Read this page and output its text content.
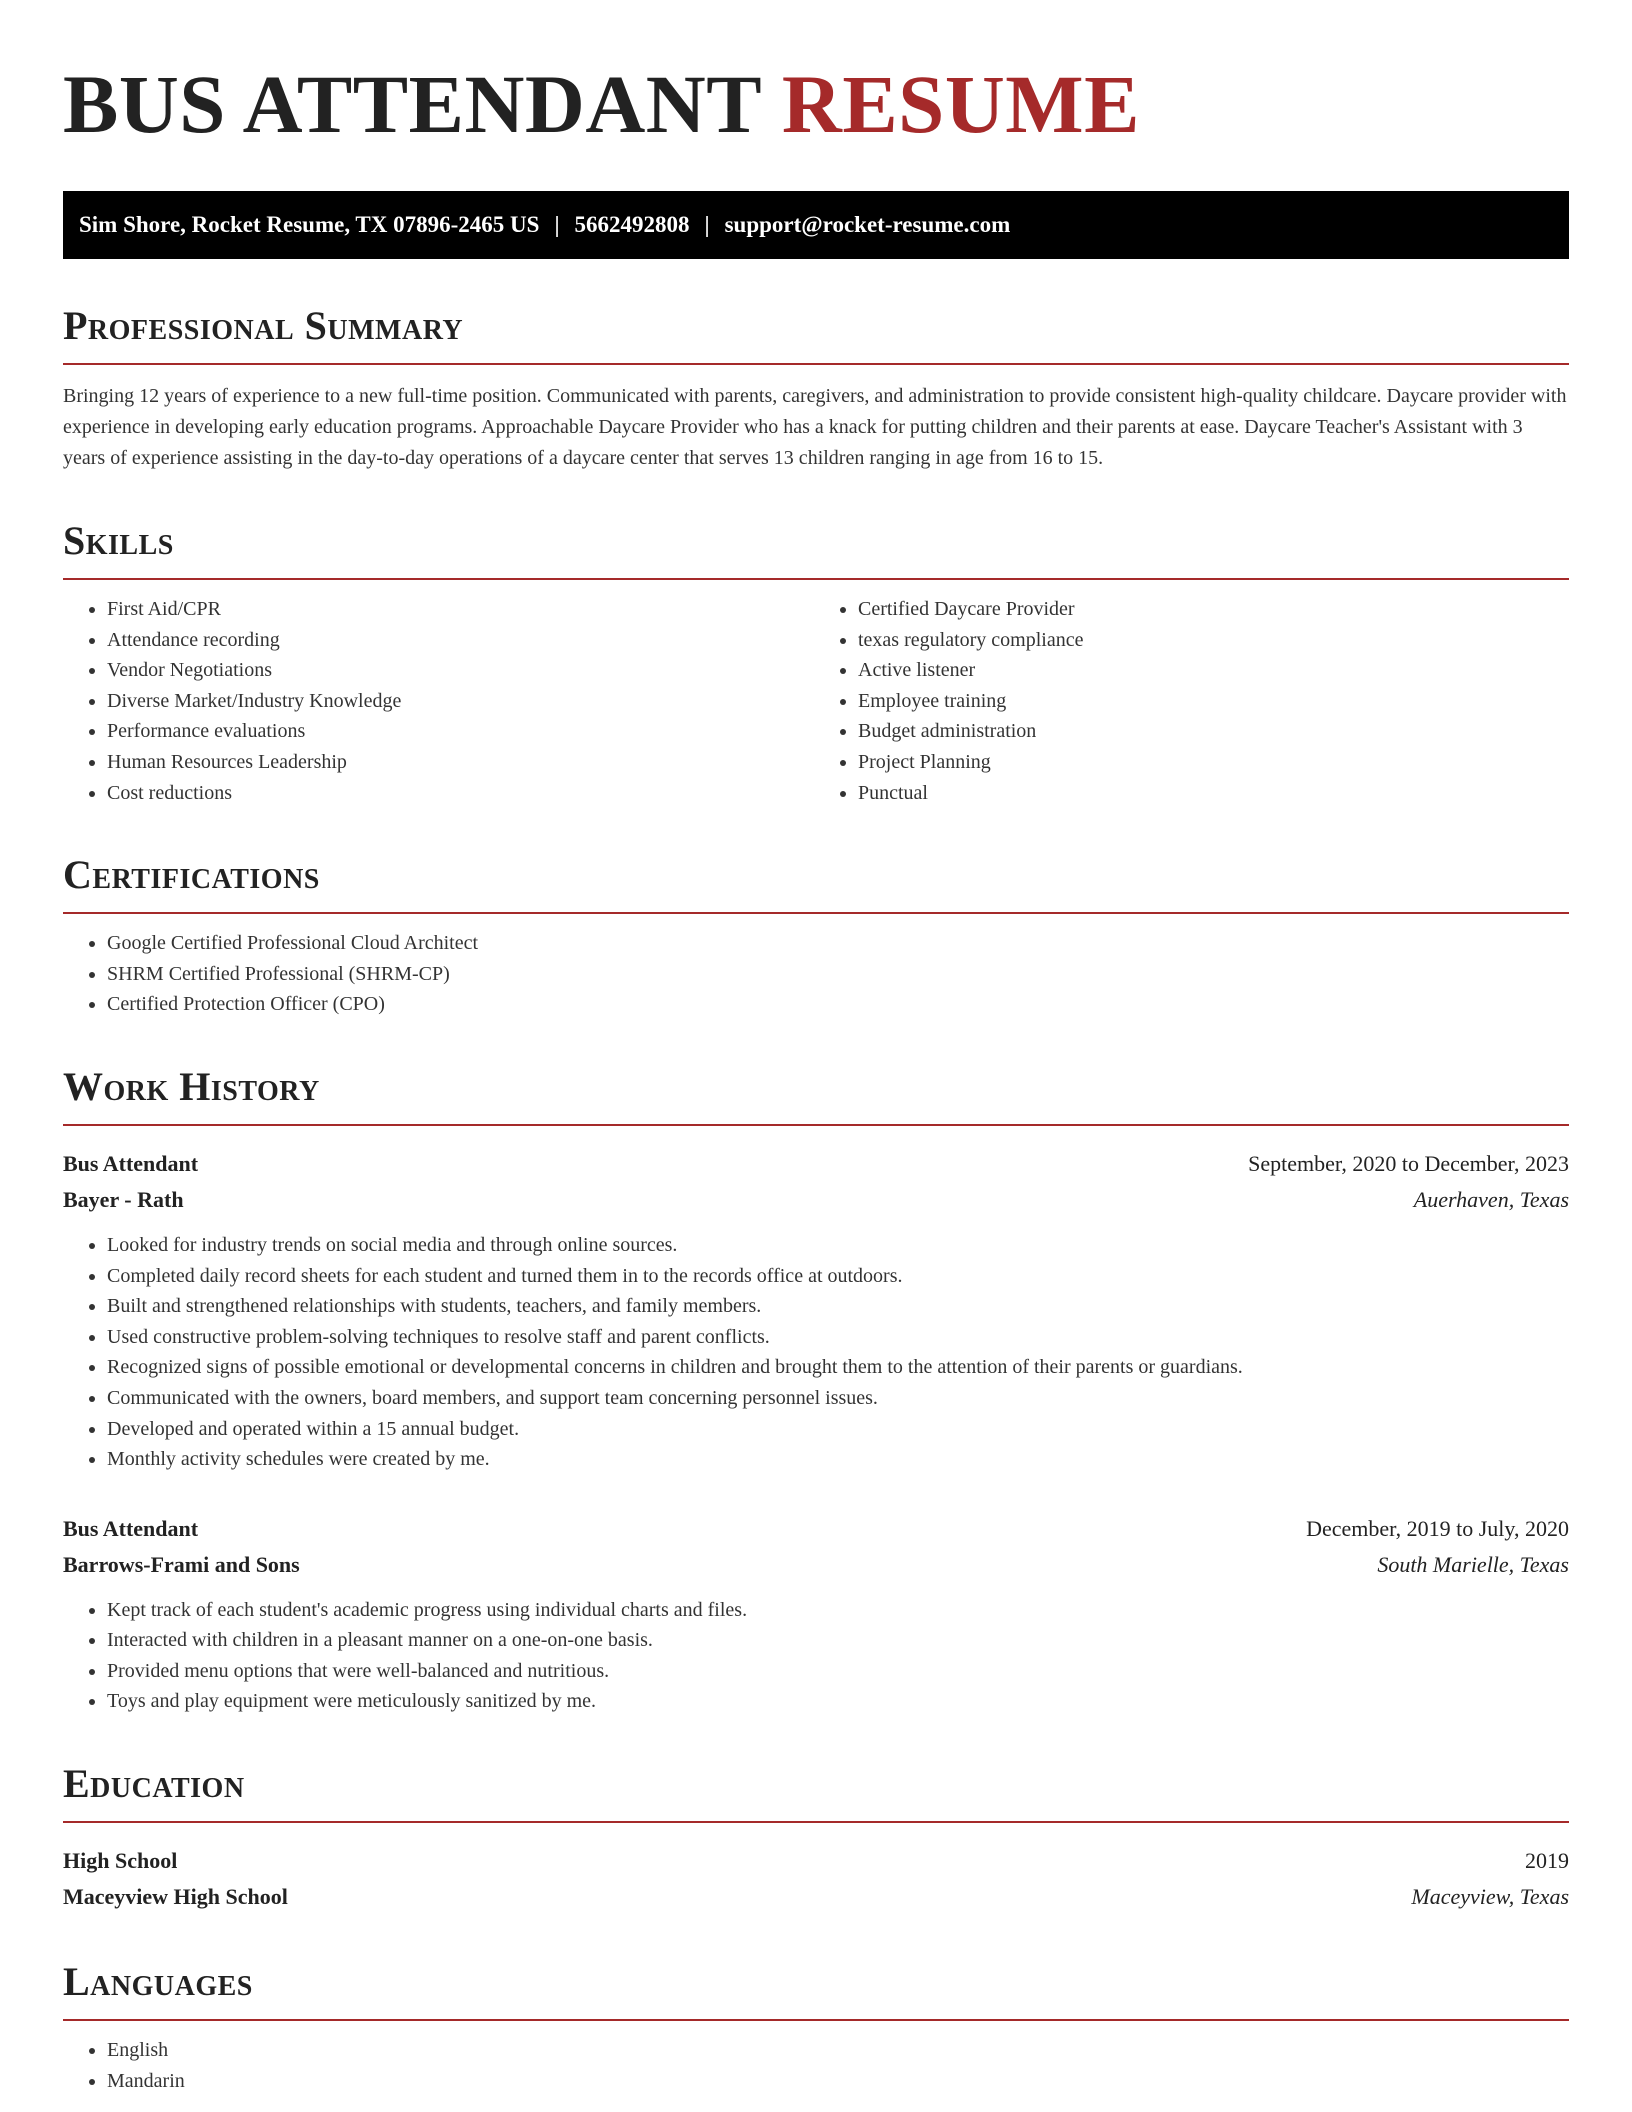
BUS ATTENDANT RESUME
Sim Shore, Rocket Resume, TX 07896-2465 US | 5662492808 | support@rocket-resume.com
Professional Summary

Bringing 12 years of experience to a new full-time position. Communicated with parents, caregivers, and administration to provide consistent high-quality childcare. Daycare provider with experience in developing early education programs. Approachable Daycare Provider who has a knack for putting children and their parents at ease. Daycare Teacher's Assistant with 3 years of experience assisting in the day-to-day operations of a daycare center that serves 13 children ranging in age from 16 to 15.

Skills
• First Aid/CPR
• Attendance recording
• Vendor Negotiations
• Diverse Market/Industry Knowledge
• Performance evaluations
• Human Resources Leadership
• Cost reductions
• Certified Daycare Provider
• texas regulatory compliance
• Active listener
• Employee training
• Budget administration
• Project Planning
• Punctual
Certifications
• Google Certified Professional Cloud Architect
• SHRM Certified Professional (SHRM-CP)
• Certified Protection Officer (CPO)
Work History
Bus Attendant	September, 2020 to December, 2023
Bayer - Rath	Auerhaven, Texas
• Looked for industry trends on social media and through online sources.
• Completed daily record sheets for each student and turned them in to the records office at outdoors.
• Built and strengthened relationships with students, teachers, and family members.
• Used constructive problem-solving techniques to resolve staff and parent conflicts.
• Recognized signs of possible emotional or developmental concerns in children and brought them to the attention of their parents or guardians.
• Communicated with the owners, board members, and support team concerning personnel issues.
• Developed and operated within a 15 annual budget.
• Monthly activity schedules were created by me.
Bus Attendant	December, 2019 to July, 2020
Barrows-Frami and Sons	South Marielle, Texas
• Kept track of each student's academic progress using individual charts and files.
• Interacted with children in a pleasant manner on a one-on-one basis.
• Provided menu options that were well-balanced and nutritious.
• Toys and play equipment were meticulously sanitized by me.
Education
High School	2019
Maceyview High School	Maceyview, Texas
Languages
• English
• Mandarin
